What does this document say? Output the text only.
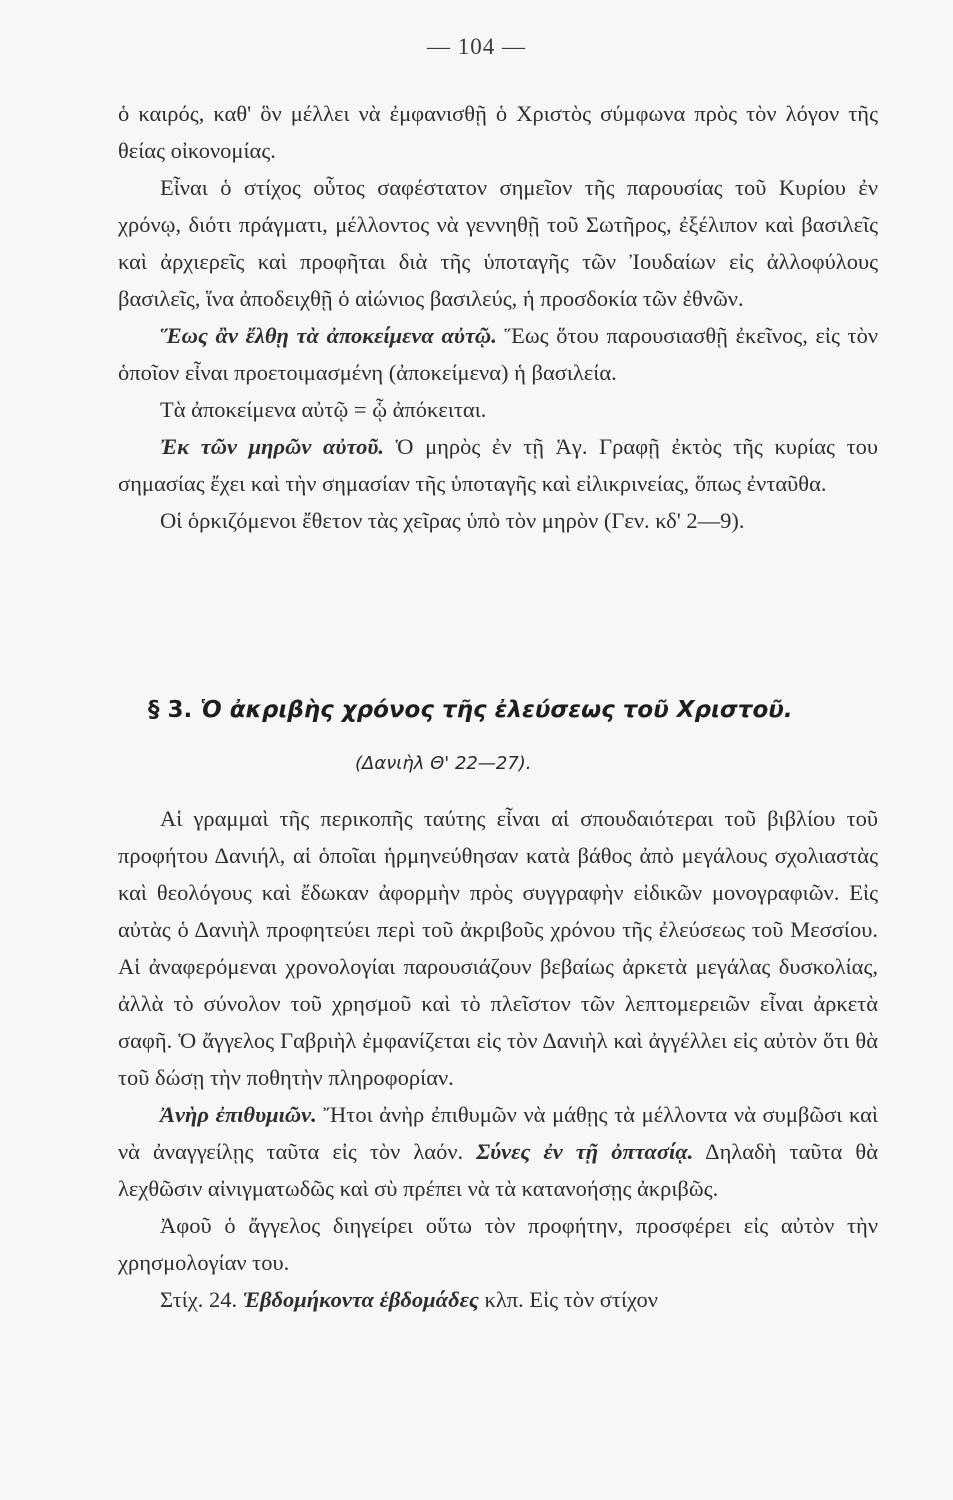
— 104 —

ὁ καιρός, καθ' ὃν μέλλει νὰ ἐμφανισθῇ ὁ Χριστὸς σύμφωνα πρὸς τὸν λόγον τῆς θείας οἰκονομίας.

Εἶναι ὁ στίχος οὗτος σαφέστατον σημεῖον τῆς παρουσίας τοῦ Κυρίου ἐν χρόνῳ, διότι πράγματι, μέλλοντος νὰ γεννηθῇ τοῦ Σωτῆρος, ἐξέλιπον καὶ βασιλεῖς καὶ ἀρχιερεῖς καὶ προφῆται διὰ τῆς ὑποταγῆς τῶν Ἰουδαίων εἰς ἀλλοφύλους βασιλεῖς, ἵνα ἀποδειχθῇ ὁ αἰώνιος βασιλεύς, ἡ προσδοκία τῶν ἐθνῶν.

Ἕως ἂν ἔλθῃ τὰ ἀποκείμενα αὐτῷ. Ἕως ὅτου παρουσιασθῇ ἐκεῖνος, εἰς τὸν ὁποῖον εἶναι προετοιμασμένη (ἀποκείμενα) ἡ βασιλεία.

Τὰ ἀποκείμενα αὐτῷ = ᾧ ἀπόκειται.

Ἐκ τῶν μηρῶν αὐτοῦ. Ὁ μηρὸς ἐν τῇ Ἁγ. Γραφῇ ἐκτὸς τῆς κυρίας του σημασίας ἔχει καὶ τὴν σημασίαν τῆς ὑποταγῆς καὶ εἰλικρινείας, ὅπως ἐνταῦθα.

Οἱ ὁρκιζόμενοι ἔθετον τὰς χεῖρας ὑπὸ τὸν μηρὸν (Γεν. κδ' 2—9).

§ 3. Ὁ ἀκριβὴς χρόνος τῆς ἐλεύσεως τοῦ Χριστοῦ.
(Δανιὴλ Θ' 22—27).

Αἱ γραμμαὶ τῆς περικοπῆς ταύτης εἶναι αἱ σπουδαιότεραι τοῦ βιβλίου τοῦ προφήτου Δανιήλ, αἱ ὁποῖαι ἡρμηνεύθησαν κατὰ βάθος ἀπὸ μεγάλους σχολιαστὰς καὶ θεολόγους καὶ ἔδωκαν ἀφορμὴν πρὸς συγγραφὴν εἰδικῶν μονογραφιῶν. Εἰς αὐτὰς ὁ Δανιὴλ προφητεύει περὶ τοῦ ἀκριβοῦς χρόνου τῆς ἐλεύσεως τοῦ Μεσσίου. Αἱ ἀναφερόμεναι χρονολογίαι παρουσιάζουν βεβαίως ἀρκετὰ μεγάλας δυσκολίας, ἀλλὰ τὸ σύνολον τοῦ χρησμοῦ καὶ τὸ πλεῖστον τῶν λεπτομερειῶν εἶναι ἀρκετὰ σαφῆ. Ὁ ἄγγελος Γαβριὴλ ἐμφανίζεται εἰς τὸν Δανιὴλ καὶ ἀγγέλλει εἰς αὐτὸν ὅτι θὰ τοῦ δώσῃ τὴν ποθητὴν πληροφορίαν.

Ἀνὴρ ἐπιθυμιῶν. Ἤτοι ἀνὴρ ἐπιθυμῶν νὰ μάθῃς τὰ μέλλοντα νὰ συμβῶσι καὶ νὰ ἀναγγείλῃς ταῦτα εἰς τὸν λαόν. Σύνες ἐν τῇ ὀπτασίᾳ. Δηλαδὴ ταῦτα θὰ λεχθῶσιν αἰνιγματωδῶς καὶ σὺ πρέπει νὰ τὰ κατανοήσῃς ἀκριβῶς.

Ἀφοῦ ὁ ἄγγελος διηγείρει οὕτω τὸν προφήτην, προσφέρει εἰς αὐτὸν τὴν χρησμολογίαν του.

Στίχ. 24. Ἑβδομήκοντα ἑβδομάδες κλπ. Εἰς τὸν στίχον
